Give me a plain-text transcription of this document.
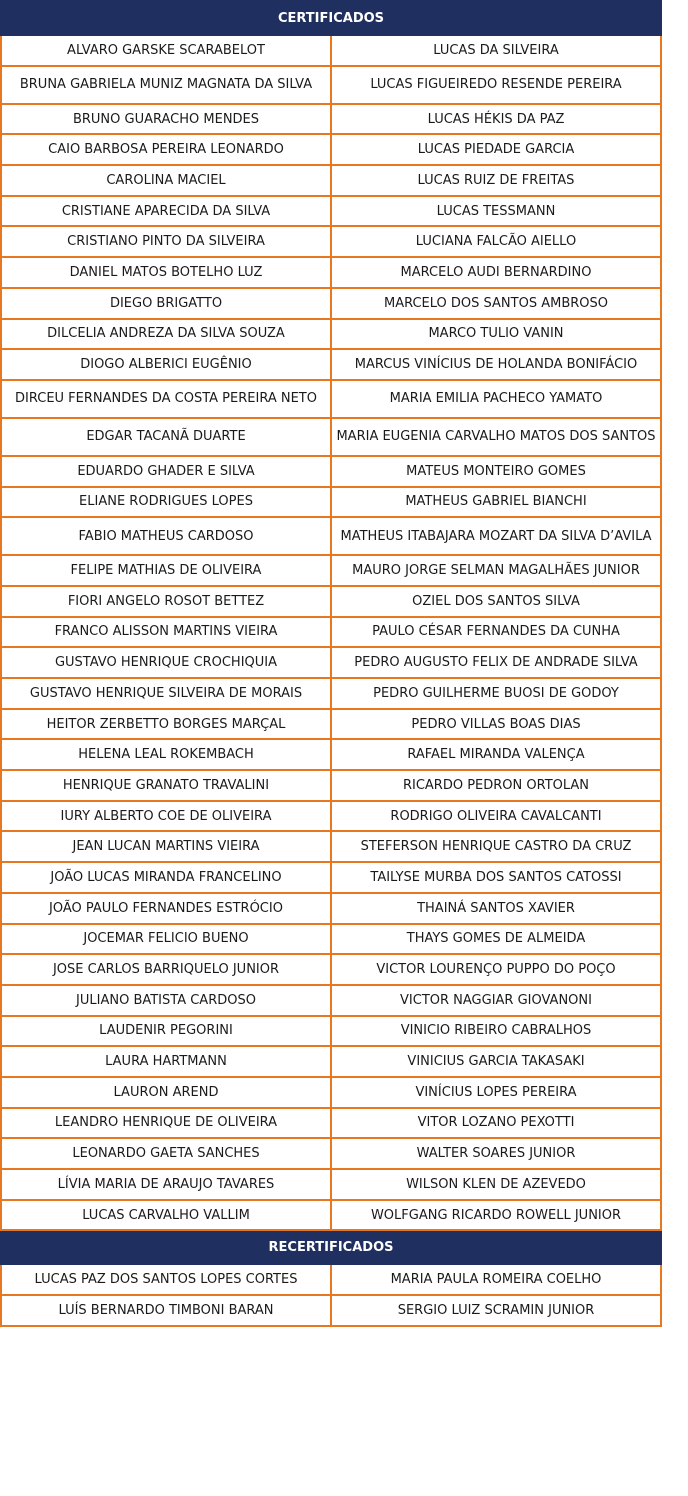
CERTIFICADOS	
ALVARO GARSKE SCARABELOT	LUCAS DA SILVEIRA
BRUNA GABRIELA MUNIZ MAGNATA DA SILVA	LUCAS FIGUEIREDO RESENDE PEREIRA
BRUNO GUARACHO MENDES	LUCAS HÉKIS DA PAZ
CAIO BARBOSA PEREIRA LEONARDO	LUCAS PIEDADE GARCIA
CAROLINA MACIEL	LUCAS RUIZ DE FREITAS
CRISTIANE APARECIDA DA SILVA	LUCAS TESSMANN
CRISTIANO PINTO DA SILVEIRA	LUCIANA FALCÃO AIELLO
DANIEL MATOS BOTELHO LUZ	MARCELO AUDI BERNARDINO
DIEGO BRIGATTO	MARCELO DOS SANTOS AMBROSO
DILCELIA ANDREZA DA SILVA SOUZA	MARCO TULIO VANIN
DIOGO ALBERICI EUGÊNIO	MARCUS VINÍCIUS DE HOLANDA BONIFÁCIO
DIRCEU FERNANDES DA COSTA PEREIRA NETO	MARIA EMILIA PACHECO YAMATO
EDGAR TACANÃ DUARTE	MARIA EUGENIA CARVALHO MATOS DOS SANTOS
EDUARDO GHADER E SILVA	MATEUS MONTEIRO GOMES
ELIANE RODRIGUES LOPES	MATHEUS GABRIEL BIANCHI
FABIO MATHEUS CARDOSO	MATHEUS ITABAJARA MOZART DA SILVA D’AVILA
FELIPE MATHIAS DE OLIVEIRA	MAURO JORGE SELMAN MAGALHÃES JUNIOR
FIORI ANGELO ROSOT BETTEZ	OZIEL DOS SANTOS SILVA
FRANCO ALISSON MARTINS VIEIRA	PAULO CÉSAR FERNANDES DA CUNHA
GUSTAVO HENRIQUE CROCHIQUIA	PEDRO AUGUSTO FELIX DE ANDRADE SILVA
GUSTAVO HENRIQUE SILVEIRA DE MORAIS	PEDRO GUILHERME BUOSI DE GODOY
HEITOR ZERBETTO BORGES MARÇAL	PEDRO VILLAS BOAS DIAS
HELENA LEAL ROKEMBACH	RAFAEL MIRANDA VALENÇA
HENRIQUE GRANATO TRAVALINI	RICARDO PEDRON ORTOLAN
IURY ALBERTO COE DE OLIVEIRA	RODRIGO OLIVEIRA CAVALCANTI
JEAN LUCAN MARTINS VIEIRA	STEFERSON HENRIQUE CASTRO DA CRUZ
JOÃO LUCAS MIRANDA FRANCELINO	TAILYSE MURBA DOS SANTOS CATOSSI
JOÃO PAULO FERNANDES ESTRÓCIO	THAINÁ SANTOS XAVIER
JOCEMAR FELICIO BUENO	THAYS GOMES DE ALMEIDA
JOSE CARLOS BARRIQUELO JUNIOR	VICTOR LOURENÇO PUPPO DO POÇO
JULIANO BATISTA CARDOSO	VICTOR NAGGIAR GIOVANONI
LAUDENIR PEGORINI	VINICIO RIBEIRO CABRALHOS
LAURA HARTMANN	VINICIUS GARCIA TAKASAKI
LAURON AREND	VINÍCIUS LOPES PEREIRA
LEANDRO HENRIQUE DE OLIVEIRA	VITOR LOZANO PEXOTTI
LEONARDO GAETA SANCHES	WALTER SOARES JUNIOR
LÍVIA MARIA DE ARAUJO TAVARES	WILSON KLEN DE AZEVEDO
LUCAS CARVALHO VALLIM	WOLFGANG RICARDO ROWELL JUNIOR
RECERTIFICADOS	
LUCAS PAZ DOS SANTOS LOPES CORTES	MARIA PAULA ROMEIRA COELHO
LUÍS BERNARDO TIMBONI BARAN	SERGIO LUIZ SCRAMIN JUNIOR
